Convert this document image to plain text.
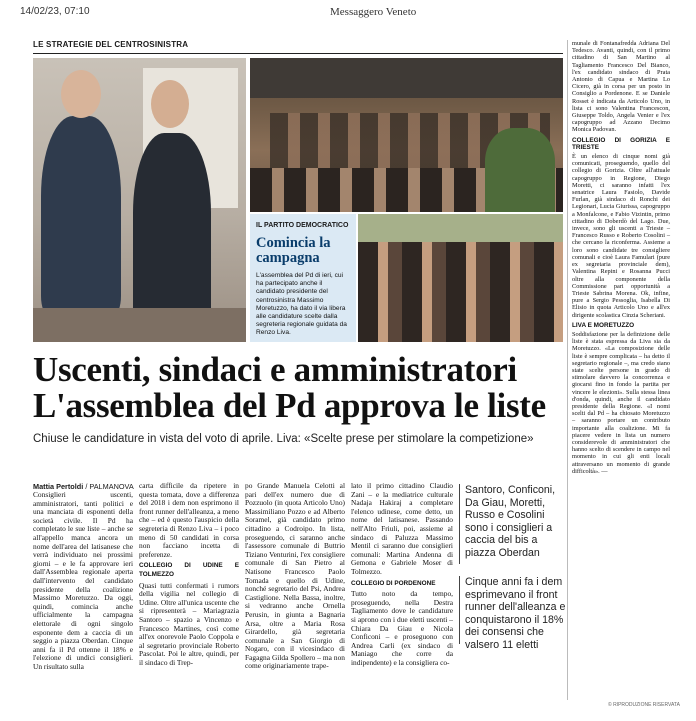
14/02/23, 07:10	Messaggero Veneto
LE STRATEGIE DEL CENTROSINISTRA
IL PARTITO DEMOCRATICO
Comincia la campagna
L'assemblea del Pd di ieri, cui ha partecipato anche il candidato presidente del centrosinistra Massimo Moretuzzo, ha dato il via libera alle candidature scelte dalla segreteria regionale guidata da Renzo Liva.
Uscenti, sindaci e amministratori
L'assemblea del Pd approva le liste
Chiuse le candidature in vista del voto di aprile. Liva: «Scelte prese per stimolare la competizione»
Mattia Pertoldi / PALMANOVA
Consiglieri uscenti, amministratori, tanti politici e una manciata di esponenti della società civile. Il Pd ha completato le sue liste – anche se all'appello manca ancora un nome dell'area del latisanese che verrà individuato nei prossimi giorni – e le fa approvare ieri dall'Assemblea regionale aperta dall'intervento del candidato presidente della coalizione Massimo Moretuzzo. Da oggi, quindi, comincia anche ufficialmente la campagna elettorale di ogni singolo esponente dem a caccia di un seggio a piazza Oberdan. Cinque anni fa il Pd ottenne il 18% e l'elezione di undici consiglieri. Un risultato sulla
carta difficile da ripetere in questa tornata, dove a differenza del 2018 i dem non esprimono il front runner dell'alleanza, a meno che – ed è questo l'auspicio della segreteria di Renzo Liva – i poco meno di 50 candidati in corsa non facciano incetta di preferenze.
COLLEGIO DI UDINE E TOLMEZZO
Quasi tutti confermati i rumors della vigilia nel collegio di Udine. Oltre all'unica uscente che si ripresenterà – Mariagrazia Santoro – spazio a Vincenzo e Francesco Martines, così come all'ex onorevole Paolo Coppola e al segretario provinciale Roberto Pascolat. Poi le altre, quindi, per il sindaco di Trep-
po Grande Manuela Celotti al pari dell'ex numero due di Pozzuolo (in quota Articolo Uno) Massimiliano Pozzo e ad Alberto Soramel, già candidato primo cittadino a Codroipo. In lista, proseguendo, ci saranno anche l'assessore comunale di Buttrio Tiziano Venturini, l'ex consigliere comunale di San Pietro al Natisone Francesco Paolo Tomada e quello di Udine, nonché segretario del Psi, Andrea Castiglione. Nella Bassa, inoltre, si vedranno anche Ornella Perusin, in giunta a Bagnaria Arsa, oltre a Maria Rosa Girardello, già segretaria comunale a San Giorgio di Nogaro, con il vicesindaco di Fagagna Gilda Spollero – ma non come originariamente trape-
lato il primo cittadino Claudio Zani – e la mediatrice culturale Nadaja Hakiraj a completare l'elenco udinese, come detto, un nome del latisanese. Passando nell'Alto Friuli, poi, assieme al sindaco di Paluzza Massimo Mentil ci saranno due consiglieri comunali: Martina Andenna di Gemona e Gabriele Moser di Tolmezzo.
COLLEGIO DI PORDENONE
Tutto noto da tempo, proseguendo, nella Destra Tagliamento dove le candidature si aprono con i due eletti uscenti – Chiara Da Giau e Nicola Conficoni – e proseguono con Andrea Carli (ex sindaco di Maniago che corre da indipendente) e la consigliera co-
Santoro, Conficoni, Da Giau, Moretti, Russo e Cosolini sono i consiglieri a caccia del bis a piazza Oberdan
Cinque anni fa i dem esprimevano il front runner dell'alleanza e conquistarono il 18% dei consensi che valsero 11 eletti
munale di Fontanafredda Adriana Del Tedesco. Avanti, quindi, con il primo cittadino di San Martino al Tagliamento Francesco Del Bianco, l'ex candidato sindaco di Prata Antonio di Capua e Martina Lo Cicero, già in corsa per un posto in Consiglio a Pordenone. E se Daniele Rosset è indicata da Articolo Uno, in lista ci sono Valentina Francescon, Giuseppe Toldo, Angela Venier e l'ex capogruppo ad Azzano Decimo Monica Padovan.
COLLEGIO DI GORIZIA E TRIESTE
È un elenco di cinque nomi già comunicati, proseguendo, quello del collegio di Gorizia. Oltre all'attuale capogruppo in Regione, Diego Moretti, ci saranno infatti l'ex senatrice Laura Fasiolo, Davide Furlan, già sindaco di Ronchi dei Legionari, Lucia Giurissa, capogruppo a Monfalcone, e Fabio Vizintin, primo cittadino di Doberdò del Lago. Due, invece, sono gli uscenti a Trieste – Francesco Russo e Roberto Cosolini – che cercano la riconferma. Assieme a loro sono candidate tre consigliere comunali e cioè Laura Famulari (pure ex segretaria provinciale dem), Valentina Repini e Rosanna Pucci oltre alla componente della Commissione pari opportunità a Trieste Sabrina Morena. Ok, infine, pure a Sergio Pessoglia, Isabella Di Elisio in quota Articolo Uno e all'ex dirigente scolastica Cinzia Scheriani.
LIVA E MORETUZZO
Soddisfazione per la definizione delle liste è stata espressa da Liva sia da Moretuzzo. «La composizione delle liste è sempre complicata – ha detto il segretario regionale –, ma credo siano state scelte persone in grado di stimolare davvero la concorrenza e giocarsi fino in fondo la partita per vincere le elezioni». Sulla stessa linea d'onda, quindi, anche il candidato presidente della Regione. «I nomi scelti dal Pd – ha chiosato Moretuzzo – saranno portare un contributo importante alla coalizione. Mi fa piacere vedere in lista un numero considerevole di amministratori che hanno scelto di scendere in campo nel momento in cui gli enti locali attraversano un momento di grande difficoltà». —
© RIPRODUZIONE RISERVATA
